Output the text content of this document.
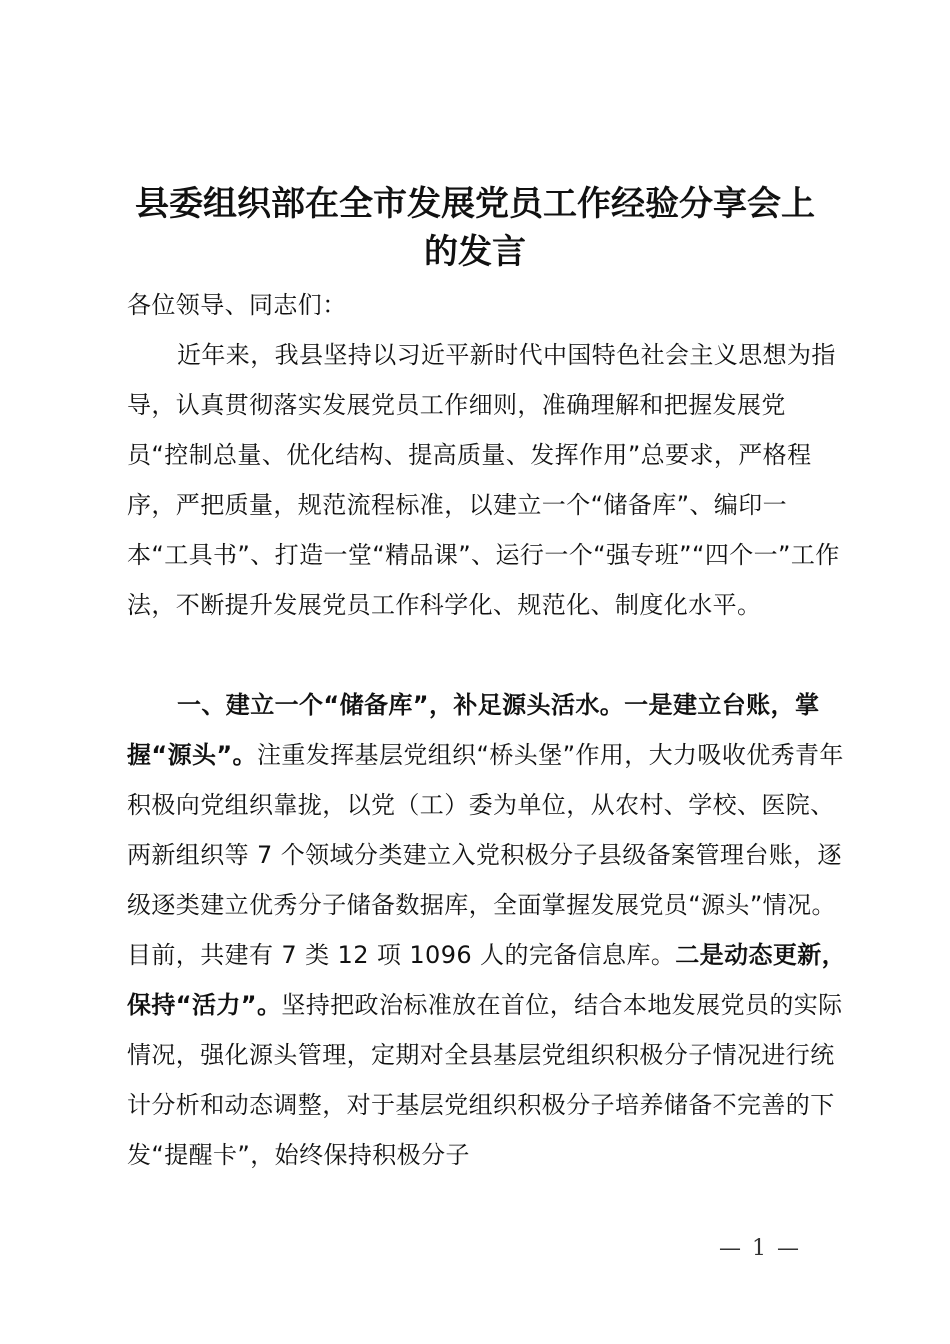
县委组织部在全市发展党员工作经验分享会上
的发言

各位领导、同志们：

近年来，我县坚持以习近平新时代中国特色社会主义思想为指导，认真贯彻落实发展党员工作细则，准确理解和把握发展党员“控制总量、优化结构、提高质量、发挥作用”总要求，严格程序，严把质量，规范流程标准，以建立一个“储备库”、编印一本“工具书”、打造一堂“精品课”、运行一个“强专班”“四个一”工作法，不断提升发展党员工作科学化、规范化、制度化水平。

一、建立一个“储备库”，补足源头活水。一是建立台账，掌握“源头”。注重发挥基层党组织“桥头堡”作用，大力吸收优秀青年积极向党组织靠拢，以党（工）委为单位，从农村、学校、医院、两新组织等 7 个领域分类建立入党积极分子县级备案管理台账，逐级逐类建立优秀分子储备数据库，全面掌握发展党员“源头”情况。目前，共建有 7 类 12 项 1096 人的完备信息库。二是动态更新，保持“活力”。坚持把政治标准放在首位，结合本地发展党员的实际情况，强化源头管理，定期对全县基层党组织积极分子情况进行统计分析和动态调整，对于基层党组织积极分子培养储备不完善的下发“提醒卡”，始终保持积极分子

— 1 —
